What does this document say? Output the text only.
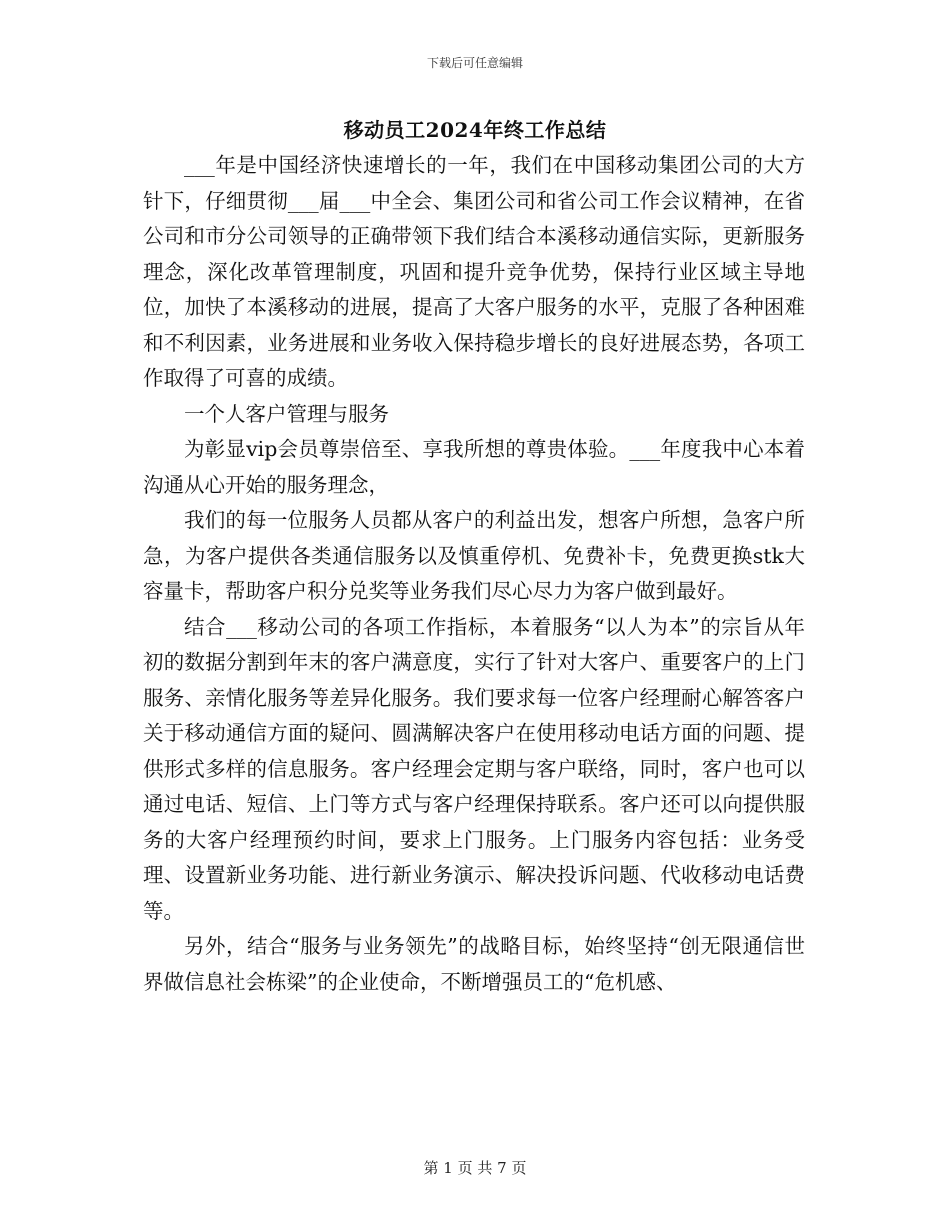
下载后可任意编辑
移动员工2024年终工作总结

___年是中国经济快速增长的一年，我们在中国移动集团公司的大方针下，仔细贯彻___届___中全会、集团公司和省公司工作会议精神，在省公司和市分公司领导的正确带领下我们结合本溪移动通信实际，更新服务理念，深化改革管理制度，巩固和提升竞争优势，保持行业区域主导地位，加快了本溪移动的进展，提高了大客户服务的水平，克服了各种困难和不利因素，业务进展和业务收入保持稳步增长的良好进展态势，各项工作取得了可喜的成绩。

一个人客户管理与服务

为彰显vip会员尊崇倍至、享我所想的尊贵体验。___年度我中心本着沟通从心开始的服务理念，

我们的每一位服务人员都从客户的利益出发，想客户所想，急客户所急，为客户提供各类通信服务以及慎重停机、免费补卡，免费更换stk大容量卡，帮助客户积分兑奖等业务我们尽心尽力为客户做到最好。

结合___移动公司的各项工作指标，本着服务“以人为本”的宗旨从年初的数据分割到年末的客户满意度，实行了针对大客户、重要客户的上门服务、亲情化服务等差异化服务。我们要求每一位客户经理耐心解答客户关于移动通信方面的疑问、圆满解决客户在使用移动电话方面的问题、提供形式多样的信息服务。客户经理会定期与客户联络，同时，客户也可以通过电话、短信、上门等方式与客户经理保持联系。客户还可以向提供服务的大客户经理预约时间，要求上门服务。上门服务内容包括：业务受理、设置新业务功能、进行新业务演示、解决投诉问题、代收移动电话费等。

另外，结合“服务与业务领先”的战略目标，始终坚持“创无限通信世界做信息社会栋梁”的企业使命，不断增强员工的“危机感、

第 1 页 共 7 页
